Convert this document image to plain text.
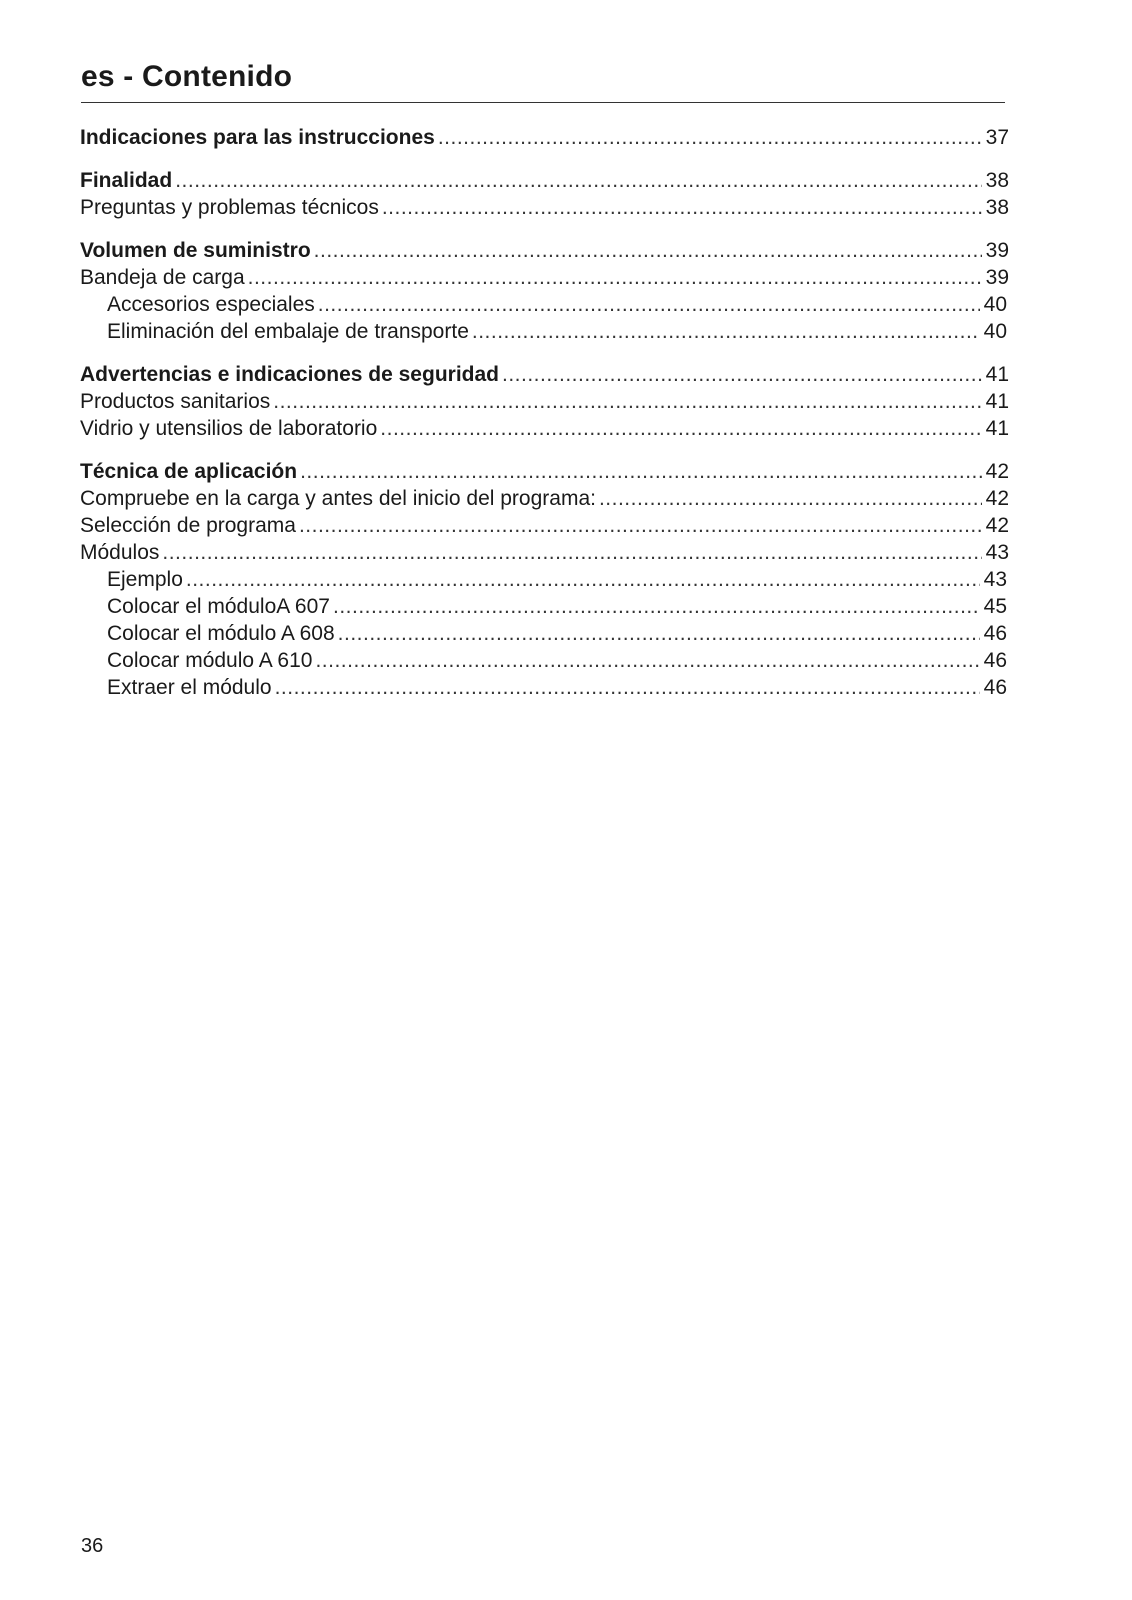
es - Contenido
Indicaciones para las instrucciones .....	37
Finalidad .....	38
Preguntas y problemas técnicos .....	38
Volumen de suministro .....	39
Bandeja de carga .....	39
Accesorios especiales .....	40
Eliminación del embalaje de transporte .....	40
Advertencias e indicaciones de seguridad .....	41
Productos sanitarios .....	41
Vidrio y utensilios de laboratorio .....	41
Técnica de aplicación .....	42
Compruebe en la carga y antes del inicio del programa: .....	42
Selección de programa .....	42
Módulos .....	43
Ejemplo .....	43
Colocar el móduloA 607 .....	45
Colocar el módulo A 608 .....	46
Colocar módulo A 610 .....	46
Extraer el módulo .....	46
36
